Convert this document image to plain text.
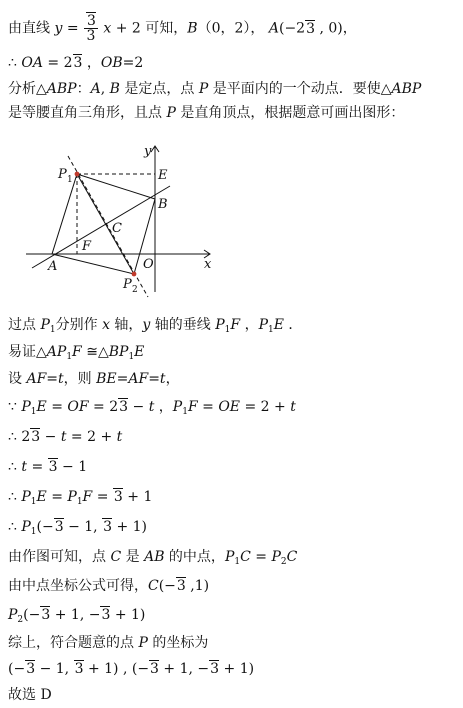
由直线 $y = \frac{3}{3}$ x + 2 可知，B（0，2）， A(−23 , 0)，
∴ OA = 23 ，OB=2
分析△ABP：A, B 是定点，点 P 是平面内的一个动点．要使△ABP
是等腰直角三角形，且点 P 是直角顶点，根据题意可画出图形：
y
x
E
B
C
F
A	O
P 1
P 2
过点 $P_1$分别作 x 轴，y 轴的垂线 $P_1F$ ，$P_1E$ ．
易证$\triangle AP_1F$ $≅\triangle BP_1E$
设 AF=t，则 BE=AF=t，
∵ $P_1E$ = OF = 23 − t ，$P_1F$ = OE = 2 + t
∴ 23 − t = 2 + t
∴ t = 3 − 1
∴ $P_1E = P_1F = 3 + 1$
∴ $P_1(-3 - 1$, 3 + 1)
由作图可知，点 C 是 AB 的中点，$P_1C = P_2C$
由中点坐标公式可得，C(−3 ,1)
$P_2(-3 + 1$, −3 + 1)
综上，符合题意的点 P 的坐标为
(−3 − 1, 3 + 1) , (−3 + 1, −3 + 1)
故选 D
